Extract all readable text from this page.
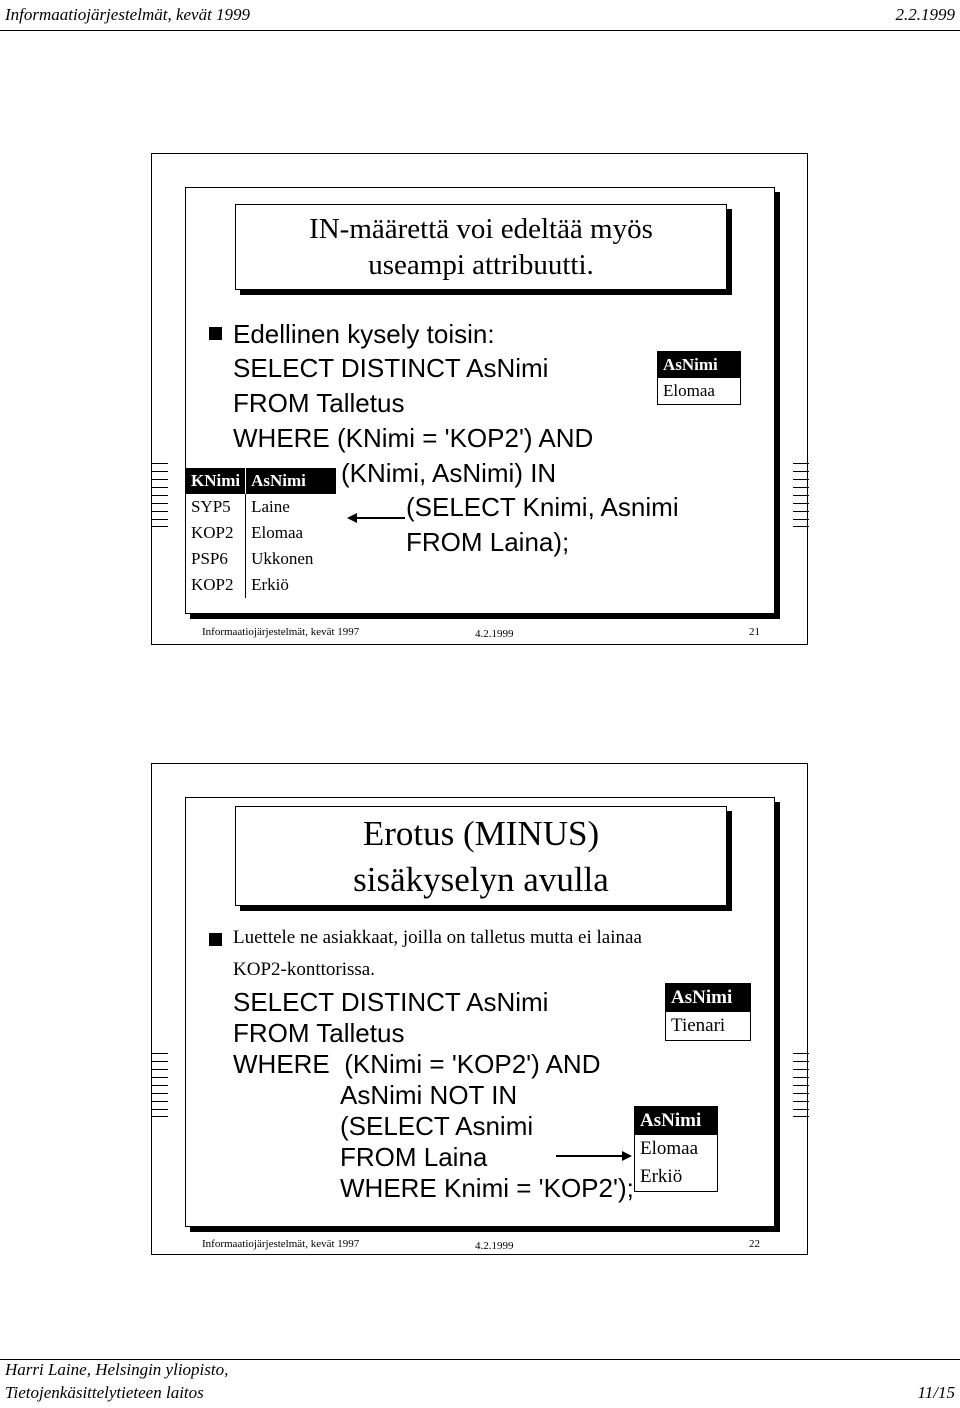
Informaatiojärjestelmät, kevät 1999	2.2.1999
IN-määrettä voi edeltää myös
useampi attribuutti.
Edellinen kysely toisin:
SELECT DISTINCT AsNimi
FROM Talletus
WHERE (KNimi = 'KOP2') AND
(KNimi, AsNimi) IN
(SELECT Knimi, Asnimi
FROM Laina);
AsNimi
Elomaa
KNimi	AsNimi
SYP5	Laine
KOP2	Elomaa
PSP6	Ukkonen
KOP2	Erkiö
Informaatiojärjestelmät, kevät 1997	4.2.1999	21
Erotus (MINUS)
sisäkyselyn avulla
Luettele ne asiakkaat, joilla on talletus mutta ei lainaa
KOP2-konttorissa.
SELECT DISTINCT AsNimi
FROM Talletus
WHERE  (KNimi = 'KOP2') AND
AsNimi NOT IN
(SELECT Asnimi
FROM Laina
WHERE Knimi = 'KOP2');
AsNimi
Tienari
AsNimi
Elomaa
Erkiö
Informaatiojärjestelmät, kevät 1997	4.2.1999	22
Harri Laine, Helsingin yliopisto,
Tietojenkäsittelytieteen laitos	11/15
